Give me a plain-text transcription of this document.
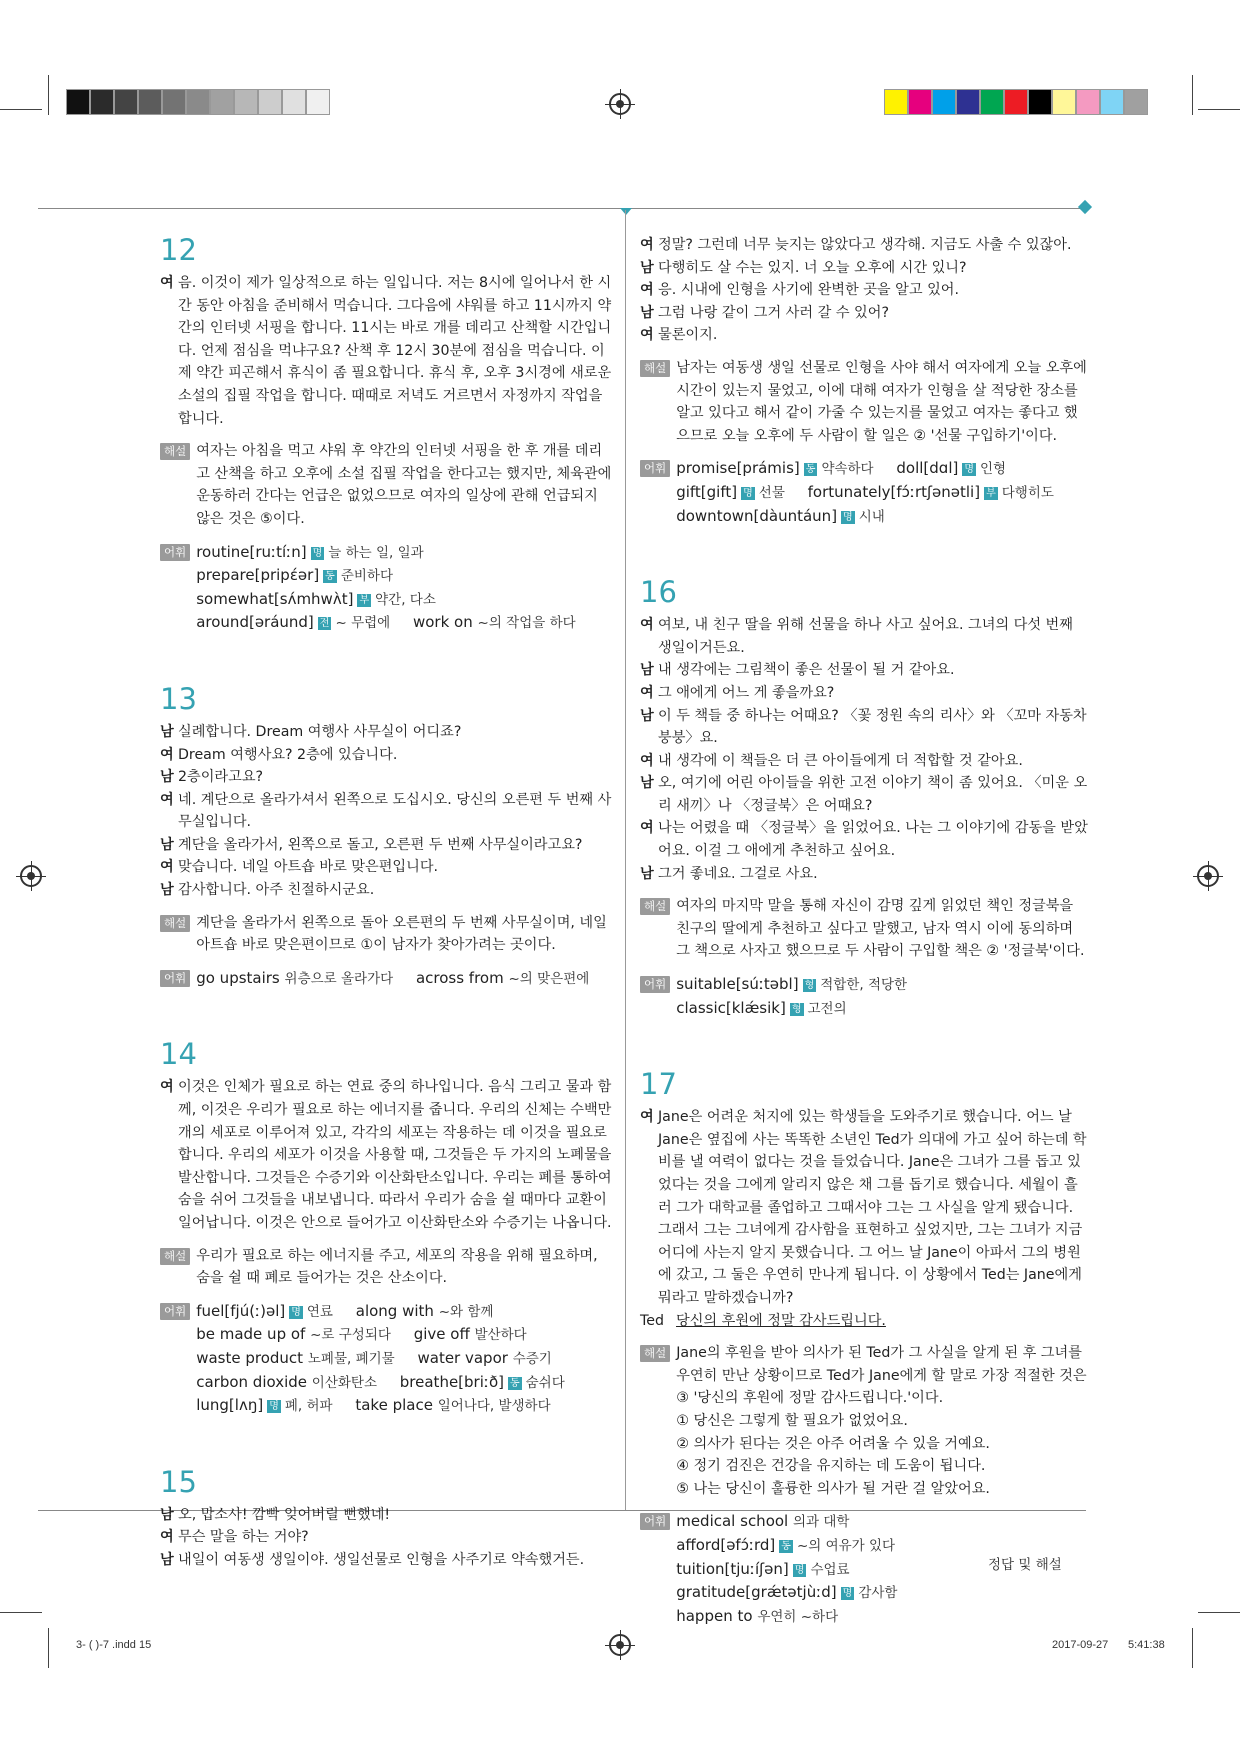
12
여 음. 이것이 제가 일상적으로 하는 일입니다. 저는 8시에 일어나서 한 시간 동안 아침을 준비해서 먹습니다. 그다음에 샤워를 하고 11시까지 약간의 인터넷 서핑을 합니다. 11시는 바로 개를 데리고 산책할 시간입니다. 언제 점심을 먹냐구요? 산책 후 12시 30분에 점심을 먹습니다. 이제 약간 피곤해서 휴식이 좀 필요합니다. 휴식 후, 오후 3시경에 새로운 소설의 집필 작업을 합니다. 때때로 저녁도 거르면서 자정까지 작업을 합니다.
해설 여자는 아침을 먹고 샤워 후 약간의 인터넷 서핑을 한 후 개를 데리고 산책을 하고 오후에 소설 집필 작업을 한다고는 했지만, 체육관에 운동하러 간다는 언급은 없었으므로 여자의 일상에 관해 언급되지 않은 것은 ⑤이다.
어휘 routine[ruːtíːn] 명 늘 하는 일, 일과 prepare[pripέər] 동 준비하다 somewhat[sʌ́mhwʌ̀t] 부 약간, 다소 around[əráund] 전 ~ 무렵에 work on ~의 작업을 하다
13
남 실례합니다. Dream 여행사 사무실이 어디죠?
여 Dream 여행사요? 2층에 있습니다.
남 2층이라고요?
여 네. 계단으로 올라가셔서 왼쪽으로 도십시오. 당신의 오른편 두 번째 사무실입니다.
남 계단을 올라가서, 왼쪽으로 돌고, 오른편 두 번째 사무실이라고요?
여 맞습니다. 네일 아트숍 바로 맞은편입니다.
남 감사합니다. 아주 친절하시군요.
해설 계단을 올라가서 왼쪽으로 돌아 오른편의 두 번째 사무실이며, 네일 아트숍 바로 맞은편이므로 ①이 남자가 찾아가려는 곳이다.
어휘 go upstairs 위층으로 올라가다 across from ~의 맞은편에
14
여 이것은 인체가 필요로 하는 연료 중의 하나입니다. 음식 그리고 물과 함께, 이것은 우리가 필요로 하는 에너지를 줍니다. 우리의 신체는 수백만 개의 세포로 이루어져 있고, 각각의 세포는 작용하는 데 이것을 필요로 합니다. 우리의 세포가 이것을 사용할 때, 그것들은 두 가지의 노폐물을 발산합니다. 그것들은 수증기와 이산화탄소입니다. 우리는 폐를 통하여 숨을 쉬어 그것들을 내보냅니다. 따라서 우리가 숨을 쉴 때마다 교환이 일어납니다. 이것은 안으로 들어가고 이산화탄소와 수증기는 나옵니다.
해설 우리가 필요로 하는 에너지를 주고, 세포의 작용을 위해 필요하며, 숨을 쉴 때 폐로 들어가는 것은 산소이다.
어휘 fuel[fjú(ː)əl] 명 연료 along with ~와 함께
be made up of ~로 구성되다 give off 발산하다
waste product 노폐물, 폐기물 water vapor 수증기
carbon dioxide 이산화탄소 breathe[briːð] 동 숨쉬다
lung[lʌŋ] 명 폐, 허파 take place 일어나다, 발생하다
15
남 오, 맙소사! 깜빡 잊어버릴 뻔했네!
여 무슨 말을 하는 거야?
남 내일이 여동생 생일이야. 생일선물로 인형을 사주기로 약속했거든.
여 정말? 그런데 너무 늦지는 않았다고 생각해. 지금도 사출 수 있잖아.
남 다행히도 살 수는 있지. 너 오늘 오후에 시간 있니?
여 응. 시내에 인형을 사기에 완벽한 곳을 알고 있어.
남 그럼 나랑 같이 그거 사러 갈 수 있어?
여 물론이지.
해설 남자는 여동생 생일 선물로 인형을 사야 해서 여자에게 오늘 오후에 시간이 있는지 물었고, 이에 대해 여자가 인형을 살 적당한 장소를 알고 있다고 해서 같이 가줄 수 있는지를 물었고 여자는 좋다고 했으므로 오늘 오후에 두 사람이 할 일은 ② '선물 구입하기'이다.
어휘 promise[prámis] 동 약속하다 doll[dɑl] 명 인형 gift[gift] 명 선물 fortunately[fɔ́ːrtʃənətli] 부 다행히도 downtown[dàuntáun] 명 시내
16
여 여보, 내 친구 딸을 위해 선물을 하나 사고 싶어요. 그녀의 다섯 번째 생일이거든요.
남 내 생각에는 그림책이 좋은 선물이 될 거 같아요.
여 그 애에게 어느 게 좋을까요?
남 이 두 책들 중 하나는 어때요? 〈꽃 정원 속의 리사〉와 〈꼬마 자동차 붕붕〉요.
여 내 생각에 이 책들은 더 큰 아이들에게 더 적합할 것 같아요.
남 오, 여기에 어린 아이들을 위한 고전 이야기 책이 좀 있어요. 〈미운 오리 새끼〉나 〈정글북〉은 어때요?
여 나는 어렸을 때 〈정글북〉을 읽었어요. 나는 그 이야기에 감동을 받았어요. 이걸 그 애에게 추천하고 싶어요.
남 그거 좋네요. 그걸로 사요.
해설 여자의 마지막 말을 통해 자신이 감명 깊게 읽었던 책인 정글북을 친구의 딸에게 추천하고 싶다고 말했고, 남자 역시 이에 동의하며 그 책으로 사자고 했으므로 두 사람이 구입할 책은 ② '정글북'이다.
어휘 suitable[súːtəbl] 형 적합한, 적당한 classic[klǽsik] 형 고전의
17
여 Jane은 어려운 처지에 있는 학생들을 도와주기로 했습니다. 어느 날 Jane은 옆집에 사는 똑똑한 소년인 Ted가 의대에 가고 싶어 하는데 학비를 낼 여력이 없다는 것을 들었습니다. Jane은 그녀가 그를 돕고 있었다는 것을 그에게 알리지 않은 채 그를 돕기로 했습니다. 세월이 흘러 그가 대학교를 졸업하고 그때서야 그는 그 사실을 알게 됐습니다. 그래서 그는 그녀에게 감사함을 표현하고 싶었지만, 그는 그녀가 지금 어디에 사는지 알지 못했습니다. 그 어느 날 Jane이 아파서 그의 병원에 갔고, 그 둘은 우연히 만나게 됩니다. 이 상황에서 Ted는 Jane에게 뭐라고 말하겠습니까?
Ted 당신의 후원에 정말 감사드립니다.
해설 Jane의 후원을 받아 의사가 된 Ted가 그 사실을 알게 된 후 그녀를 우연히 만난 상황이므로 Ted가 Jane에게 할 말로 가장 적절한 것은 ③ '당신의 후원에 정말 감사드립니다.'이다.
① 당신은 그렇게 할 필요가 없었어요.
② 의사가 된다는 것은 아주 어려울 수 있을 거예요.
④ 정기 검진은 건강을 유지하는 데 도움이 됩니다.
⑤ 나는 당신이 훌륭한 의사가 될 거란 걸 알았어요.
어휘 medical school 의과 대학 afford[əfɔ́ːrd] 동 ~의 여유가 있다 tuition[tjuːíʃən] 명 수업료 gratitude[grǽtətjùːd] 명 감사함 happen to 우연히 ~하다
정답 및 해설
3- ( )-7 .indd 15	2017-09-27 5:41:38
